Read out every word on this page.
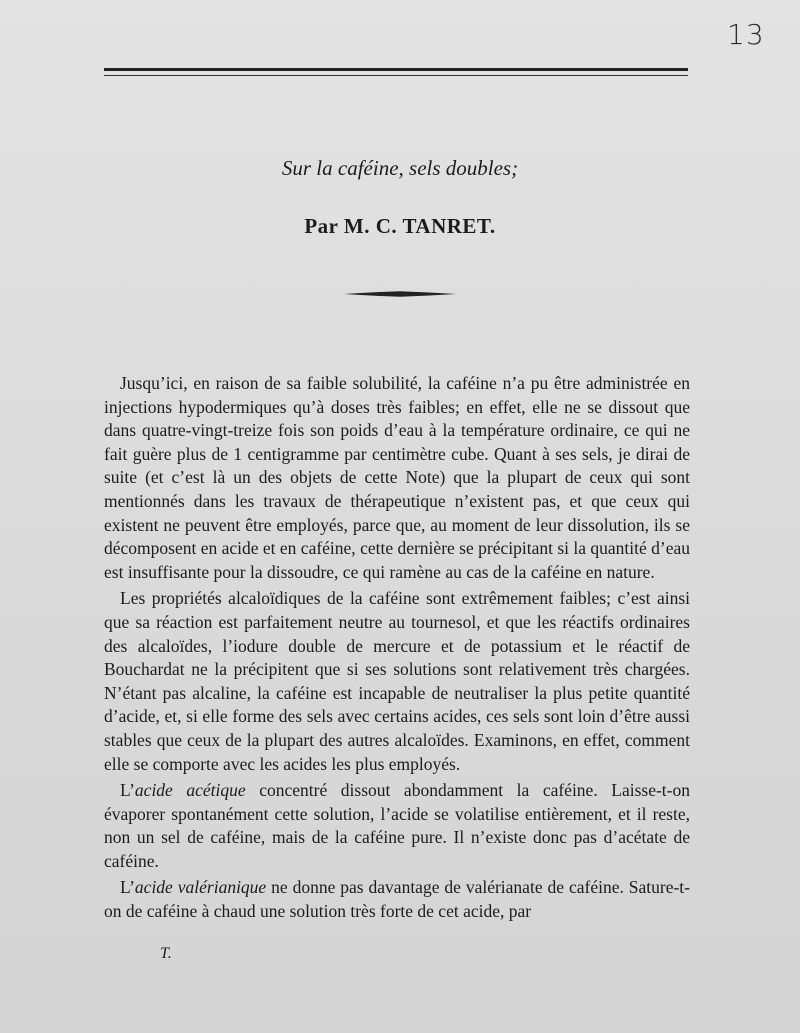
13
Sur la caféine, sels doubles;
Par M. C. TANRET.

Jusqu’ici, en raison de sa faible solubilité, la caféine n’a pu être administrée en injections hypodermiques qu’à doses très faibles; en effet, elle ne se dissout que dans quatre-vingt-treize fois son poids d’eau à la température ordinaire, ce qui ne fait guère plus de 1 centigramme par centimètre cube. Quant à ses sels, je dirai de suite (et c’est là un des objets de cette Note) que la plupart de ceux qui sont mentionnés dans les travaux de thérapeutique n’existent pas, et que ceux qui existent ne peuvent être employés, parce que, au moment de leur dissolution, ils se décomposent en acide et en caféine, cette dernière se précipitant si la quantité d’eau est insuffisante pour la dissoudre, ce qui ramène au cas de la caféine en nature.

Les propriétés alcaloïdiques de la caféine sont extrêmement faibles; c’est ainsi que sa réaction est parfaitement neutre au tournesol, et que les réactifs ordinaires des alcaloïdes, l’iodure double de mercure et de potassium et le réactif de Bouchardat ne la précipitent que si ses solutions sont relativement très chargées. N’étant pas alcaline, la caféine est incapable de neutraliser la plus petite quantité d’acide, et, si elle forme des sels avec certains acides, ces sels sont loin d’être aussi stables que ceux de la plupart des autres alcaloïdes. Examinons, en effet, comment elle se comporte avec les acides les plus employés.

L’acide acétique concentré dissout abondamment la caféine. Laisse-t-on évaporer spontanément cette solution, l’acide se volatilise entièrement, et il reste, non un sel de caféine, mais de la caféine pure. Il n’existe donc pas d’acétate de caféine.

L’acide valérianique ne donne pas davantage de valérianate de caféine. Sature-t-on de caféine à chaud une solution très forte de cet acide, par

T.
